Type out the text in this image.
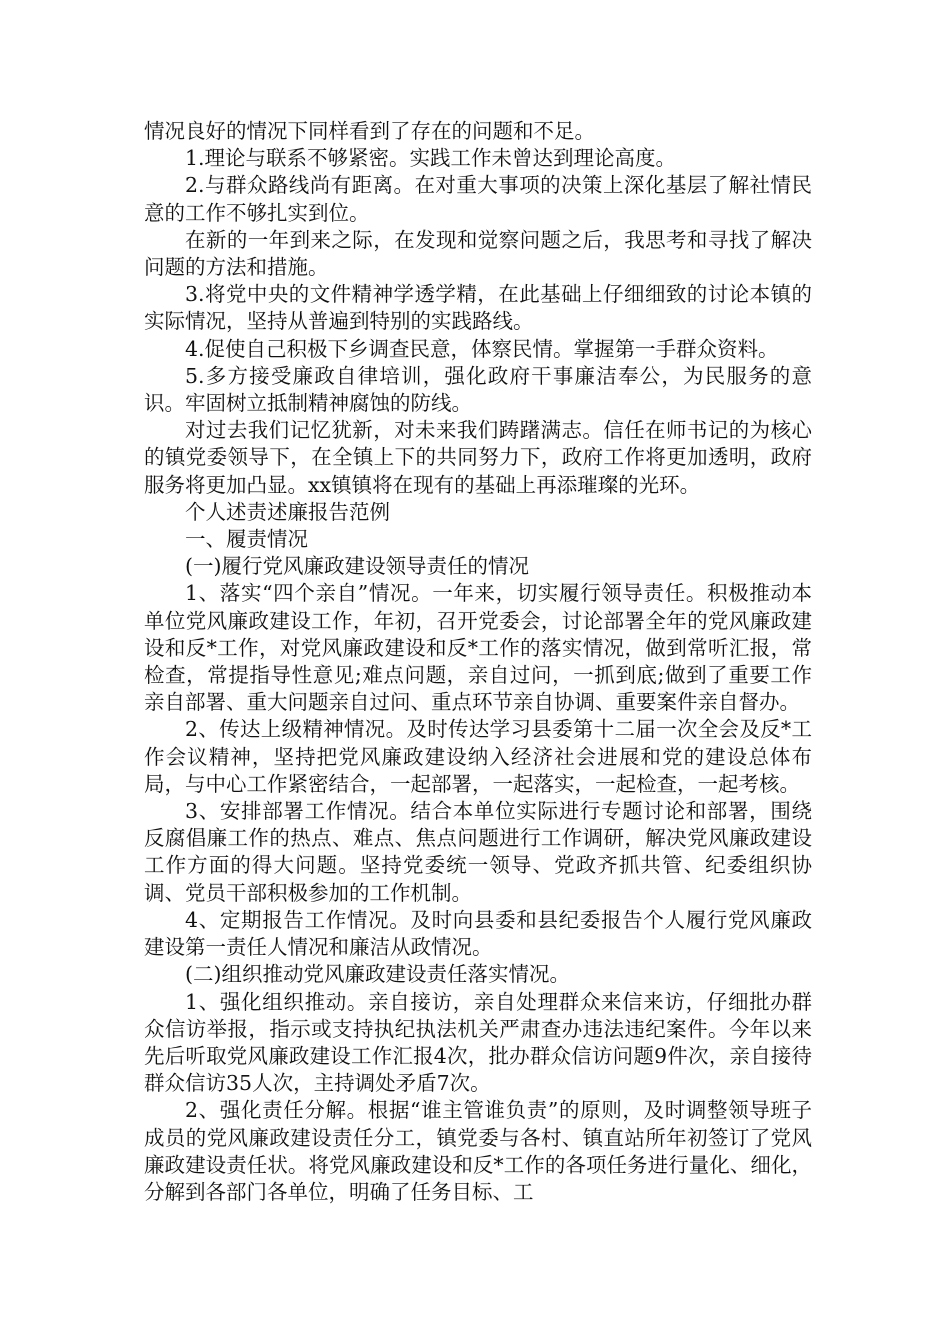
情况良好的情况下同样看到了存在的问题和不足。

1.理论与联系不够紧密。实践工作未曾达到理论高度。

2.与群众路线尚有距离。在对重大事项的决策上深化基层了解社情民意的工作不够扎实到位。

在新的一年到来之际，在发现和觉察问题之后，我思考和寻找了解决问题的方法和措施。

3.将党中央的文件精神学透学精，在此基础上仔细细致的讨论本镇的实际情况，坚持从普遍到特别的实践路线。

4.促使自己积极下乡调查民意，体察民情。掌握第一手群众资料。

5.多方接受廉政自律培训，强化政府干事廉洁奉公，为民服务的意识。牢固树立抵制精神腐蚀的防线。

对过去我们记忆犹新，对未来我们踌躇满志。信任在师书记的为核心的镇党委领导下，在全镇上下的共同努力下，政府工作将更加透明，政府服务将更加凸显。xx镇镇将在现有的基础上再添璀璨的光环。

个人述责述廉报告范例

一、履责情况

(一)履行党风廉政建设领导责任的情况

1、落实“四个亲自”情况。一年来，切实履行领导责任。积极推动本单位党风廉政建设工作，年初，召开党委会，讨论部署全年的党风廉政建设和反*工作，对党风廉政建设和反*工作的落实情况，做到常听汇报，常检查，常提指导性意见;难点问题，亲自过问，一抓到底;做到了重要工作亲自部署、重大问题亲自过问、重点环节亲自协调、重要案件亲自督办。

2、传达上级精神情况。及时传达学习县委第十二届一次全会及反*工作会议精神，坚持把党风廉政建设纳入经济社会进展和党的建设总体布局，与中心工作紧密结合，一起部署，一起落实，一起检查，一起考核。

3、安排部署工作情况。结合本单位实际进行专题讨论和部署，围绕反腐倡廉工作的热点、难点、焦点问题进行工作调研，解决党风廉政建设工作方面的得大问题。坚持党委统一领导、党政齐抓共管、纪委组织协调、党员干部积极参加的工作机制。

4、定期报告工作情况。及时向县委和县纪委报告个人履行党风廉政建设第一责任人情况和廉洁从政情况。

(二)组织推动党风廉政建设责任落实情况。

1、强化组织推动。亲自接访，亲自处理群众来信来访，仔细批办群众信访举报，指示或支持执纪执法机关严肃查办违法违纪案件。今年以来先后听取党风廉政建设工作汇报4次，批办群众信访问题9件次，亲自接待群众信访35人次，主持调处矛盾7次。

2、强化责任分解。根据“谁主管谁负责”的原则，及时调整领导班子成员的党风廉政建设责任分工，镇党委与各村、镇直站所年初签订了党风廉政建设责任状。将党风廉政建设和反*工作的各项任务进行量化、细化，分解到各部门各单位，明确了任务目标、工
